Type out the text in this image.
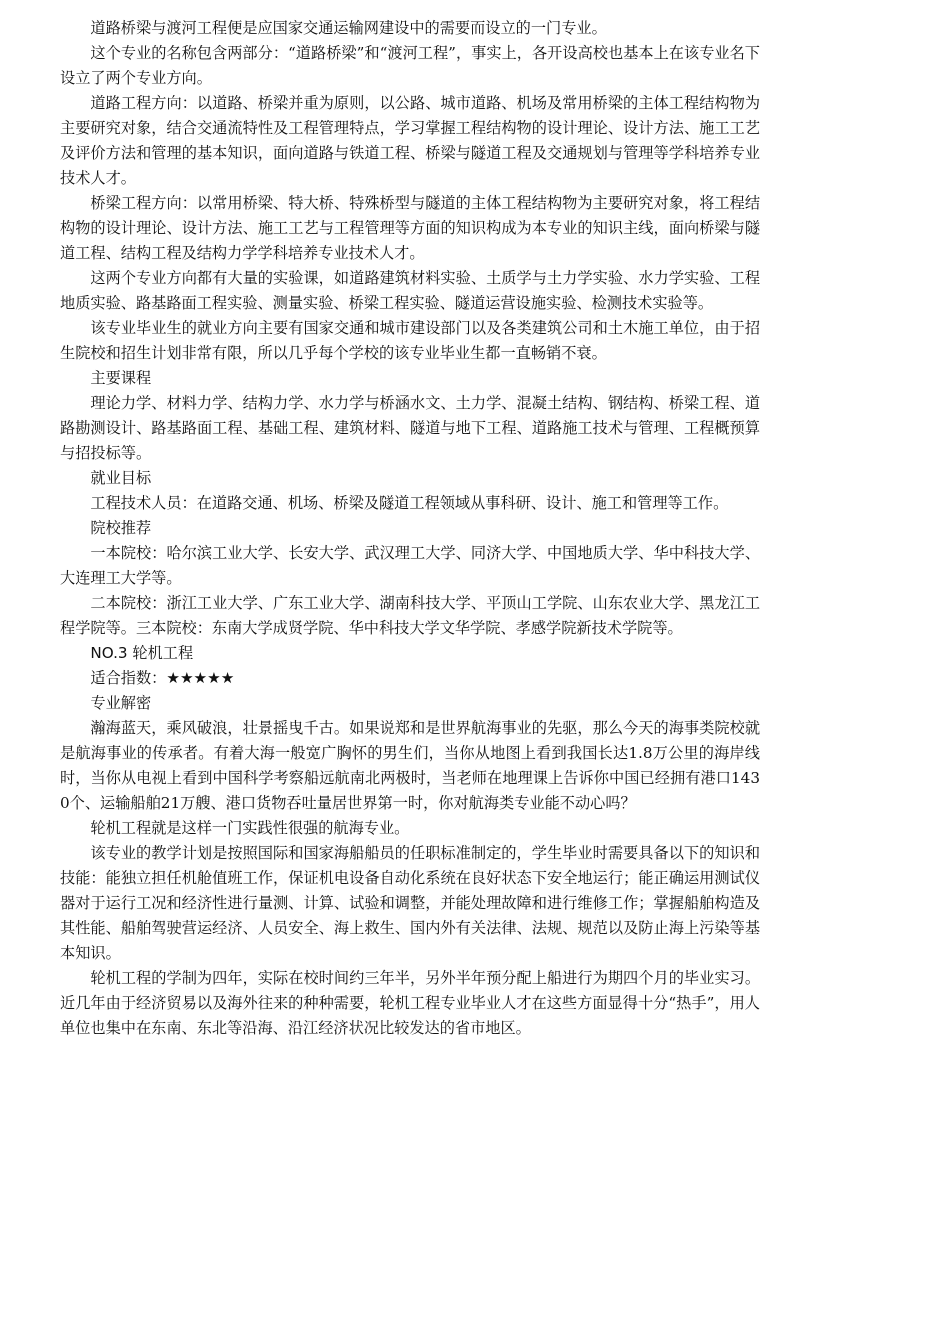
道路桥梁与渡河工程便是应国家交通运输网建设中的需要而设立的一门专业。

这个专业的名称包含两部分：“道路桥梁”和“渡河工程”，事实上，各开设高校也基本上在该专业名下设立了两个专业方向。

道路工程方向：以道路、桥梁并重为原则，以公路、城市道路、机场及常用桥梁的主体工程结构物为主要研究对象，结合交通流特性及工程管理特点，学习掌握工程结构物的设计理论、设计方法、施工工艺及评价方法和管理的基本知识，面向道路与铁道工程、桥梁与隧道工程及交通规划与管理等学科培养专业技术人才。

桥梁工程方向：以常用桥梁、特大桥、特殊桥型与隧道的主体工程结构物为主要研究对象，将工程结构物的设计理论、设计方法、施工工艺与工程管理等方面的知识构成为本专业的知识主线，面向桥梁与隧道工程、结构工程及结构力学学科培养专业技术人才。

这两个专业方向都有大量的实验课，如道路建筑材料实验、土质学与土力学实验、水力学实验、工程地质实验、路基路面工程实验、测量实验、桥梁工程实验、隧道运营设施实验、检测技术实验等。

该专业毕业生的就业方向主要有国家交通和城市建设部门以及各类建筑公司和土木施工单位，由于招生院校和招生计划非常有限，所以几乎每个学校的该专业毕业生都一直畅销不衰。

主要课程

理论力学、材料力学、结构力学、水力学与桥涵水文、土力学、混凝土结构、钢结构、桥梁工程、道路勘测设计、路基路面工程、基础工程、建筑材料、隧道与地下工程、道路施工技术与管理、工程概预算与招投标等。

就业目标

工程技术人员：在道路交通、机场、桥梁及隧道工程领域从事科研、设计、施工和管理等工作。

院校推荐

一本院校：哈尔滨工业大学、长安大学、武汉理工大学、同济大学、中国地质大学、华中科技大学、大连理工大学等。

二本院校：浙江工业大学、广东工业大学、湖南科技大学、平顶山工学院、山东农业大学、黑龙江工程学院等。三本院校：东南大学成贤学院、华中科技大学文华学院、孝感学院新技术学院等。

NO.3 轮机工程

适合指数：★★★★★

专业解密

瀚海蓝天，乘风破浪，壮景摇曳千古。如果说郑和是世界航海事业的先驱，那么今天的海事类院校就是航海事业的传承者。有着大海一般宽广胸怀的男生们，当你从地图上看到我国长达1.8万公里的海岸线时，当你从电视上看到中国科学考察船远航南北两极时，当老师在地理课上告诉你中国已经拥有港口1430个、运输船舶21万艘、港口货物吞吐量居世界第一时，你对航海类专业能不动心吗？

轮机工程就是这样一门实践性很强的航海专业。

该专业的教学计划是按照国际和国家海船船员的任职标准制定的，学生毕业时需要具备以下的知识和技能：能独立担任机舱值班工作，保证机电设备自动化系统在良好状态下安全地运行；能正确运用测试仪器对于运行工况和经济性进行量测、计算、试验和调整，并能处理故障和进行维修工作；掌握船舶构造及其性能、船舶驾驶营运经济、人员安全、海上救生、国内外有关法律、法规、规范以及防止海上污染等基本知识。

轮机工程的学制为四年，实际在校时间约三年半，另外半年预分配上船进行为期四个月的毕业实习。近几年由于经济贸易以及海外往来的种种需要，轮机工程专业毕业人才在这些方面显得十分“热手”，用人单位也集中在东南、东北等沿海、沿江经济状况比较发达的省市地区。
